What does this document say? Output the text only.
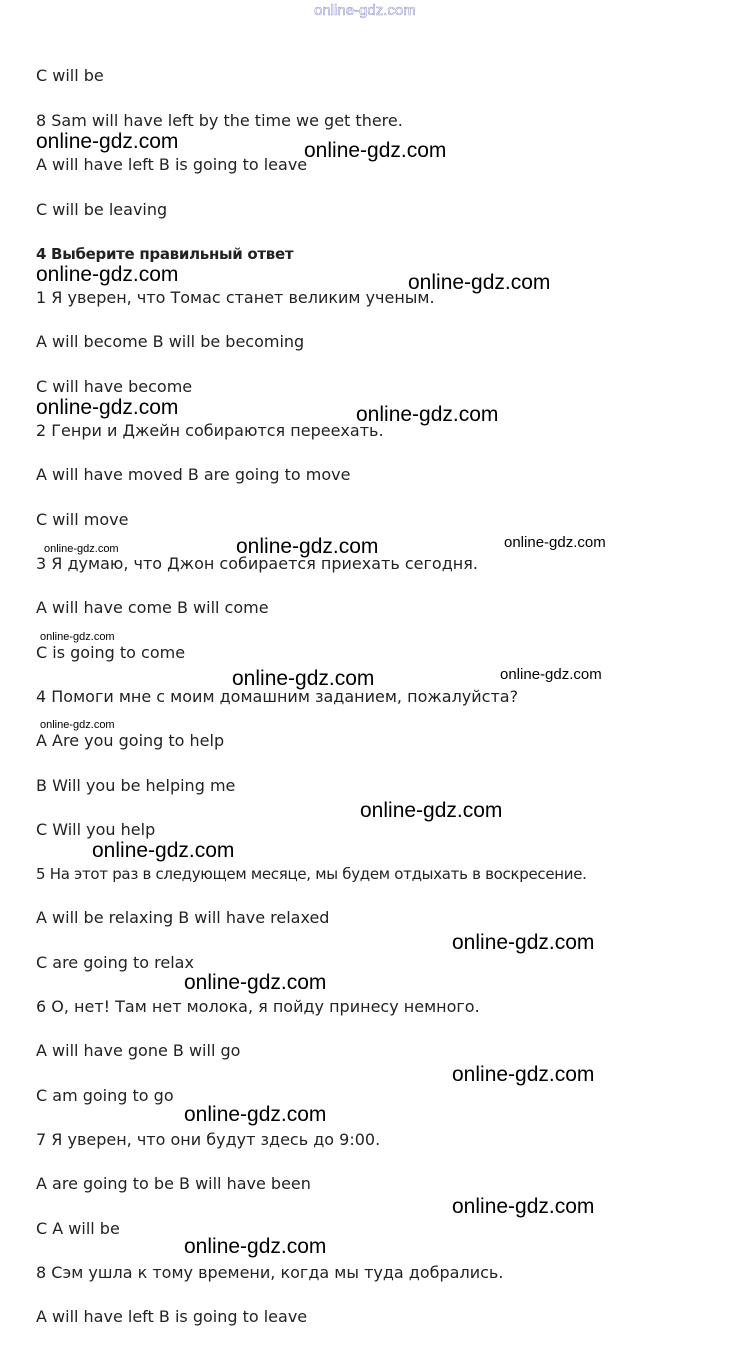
online-gdz.com

C will be

8 Sam will have left by the time we get there.

A will have left B is going to leave

C will be leaving

4 Выберите правильный ответ

1 Я уверен, что Томас станет великим ученым.

A will become B will be becoming

C will have become

2 Генри и Джейн собираются переехать.

A will have moved B are going to move

C will move

3 Я думаю, что Джон собирается приехать сегодня.

A will have come B will come

C is going to come

4 Помоги мне с моим домашним заданием, пожалуйста?

A Are you going to help

B Will you be helping me

C Will you help

5 На этот раз в следующем месяце, мы будем отдыхать в воскресение.

A will be relaxing B will have relaxed

C are going to relax

6 О, нет! Там нет молока, я пойду принесу немного.

A will have gone B will go

C am going to go

7 Я уверен, что они будут здесь до 9:00.

A are going to be B will have been

C A will be

8 Сэм ушла к тому времени, когда мы туда добрались.

A will have left B is going to leave

online-gdz.com	online-gdz.com

online-gdz.com	online-gdz.com

online-gdz.com	online-gdz.com

online-gdz.com	online-gdz.com	online-gdz.com

online-gdz.com

online-gdz.com	online-gdz.com

online-gdz.com

online-gdz.com

online-gdz.com

online-gdz.com

online-gdz.com

online-gdz.com

online-gdz.com

online-gdz.com

online-gdz.com
